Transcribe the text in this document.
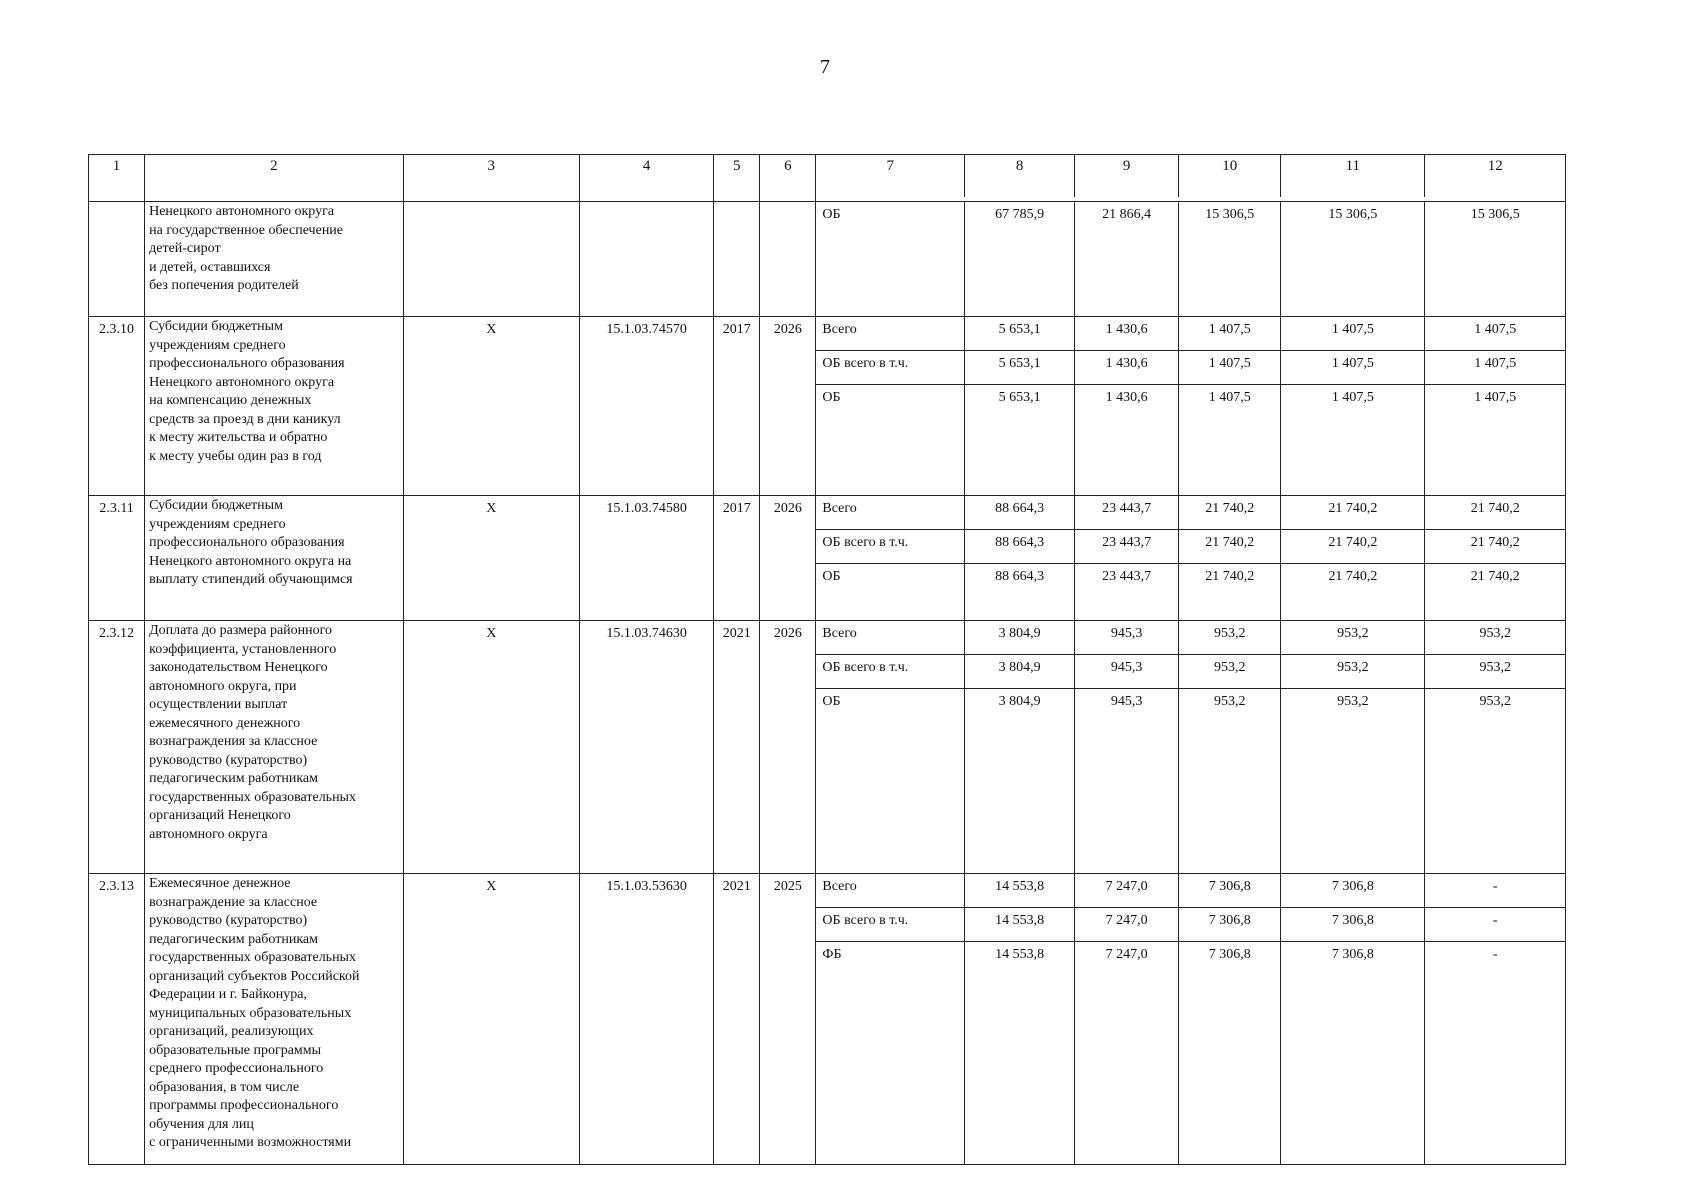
7
1	2	3	4	5	6		7	8	9	10	11	12

	Ненецкого автономного округа
на государственное обеспечение
детей-сирот
и детей, оставшихся
без попечения родителей					
ОБ	67 785,9	21 866,4	15 306,5	15 306,5	15 306,5

2.3.10	Субсидии бюджетным
учреждениям среднего
профессионального образования
Ненецкого автономного округа
на компенсацию денежных
средств за проезд в дни каникул
к месту жительства и обратно
к месту учебы один раз в год	X	15.1.03.74570	2017	2026	Всего	5 653,1	1 430,6	1 407,5	1 407,5	1 407,5
ОБ всего в т.ч.	5 653,1	1 430,6	1 407,5	1 407,5	1 407,5
ОБ	5 653,1	1 430,6	1 407,5	1 407,5	1 407,5

2.3.11	Субсидии бюджетным
учреждениям среднего
профессионального образования
Ненецкого автономного округа на
выплату стипендий обучающимся	X	15.1.03.74580	2017	2026	Всего	88 664,3	23 443,7	21 740,2	21 740,2	21 740,2
ОБ всего в т.ч.	88 664,3	23 443,7	21 740,2	21 740,2	21 740,2
ОБ	88 664,3	23 443,7	21 740,2	21 740,2	21 740,2

2.3.12	Доплата до размера районного
коэффициента, установленного
законодательством Ненецкого
автономного округа, при
осуществлении выплат
ежемесячного денежного
вознаграждения за классное
руководство (кураторство)
педагогическим работникам
государственных образовательных
организаций Ненецкого
автономного округа	X	15.1.03.74630	2021	2026	Всего	3 804,9	945,3	953,2	953,2	953,2
ОБ всего в т.ч.	3 804,9	945,3	953,2	953,2	953,2
ОБ	3 804,9	945,3	953,2	953,2	953,2

2.3.13	Ежемесячное денежное
вознаграждение за классное
руководство (кураторство)
педагогическим работникам
государственных образовательных
организаций субъектов Российской
Федерации и г. Байконура,
муниципальных образовательных
организаций, реализующих
образовательные программы
среднего профессионального
образования, в том числе
программы профессионального
обучения для лиц
с ограниченными возможностями	X	15.1.03.53630	2021	2025	Всего	14 553,8	7 247,0	7 306,8	7 306,8	-
ОБ всего в т.ч.	14 553,8	7 247,0	7 306,8	7 306,8	-
ФБ	14 553,8	7 247,0	7 306,8	7 306,8	-
